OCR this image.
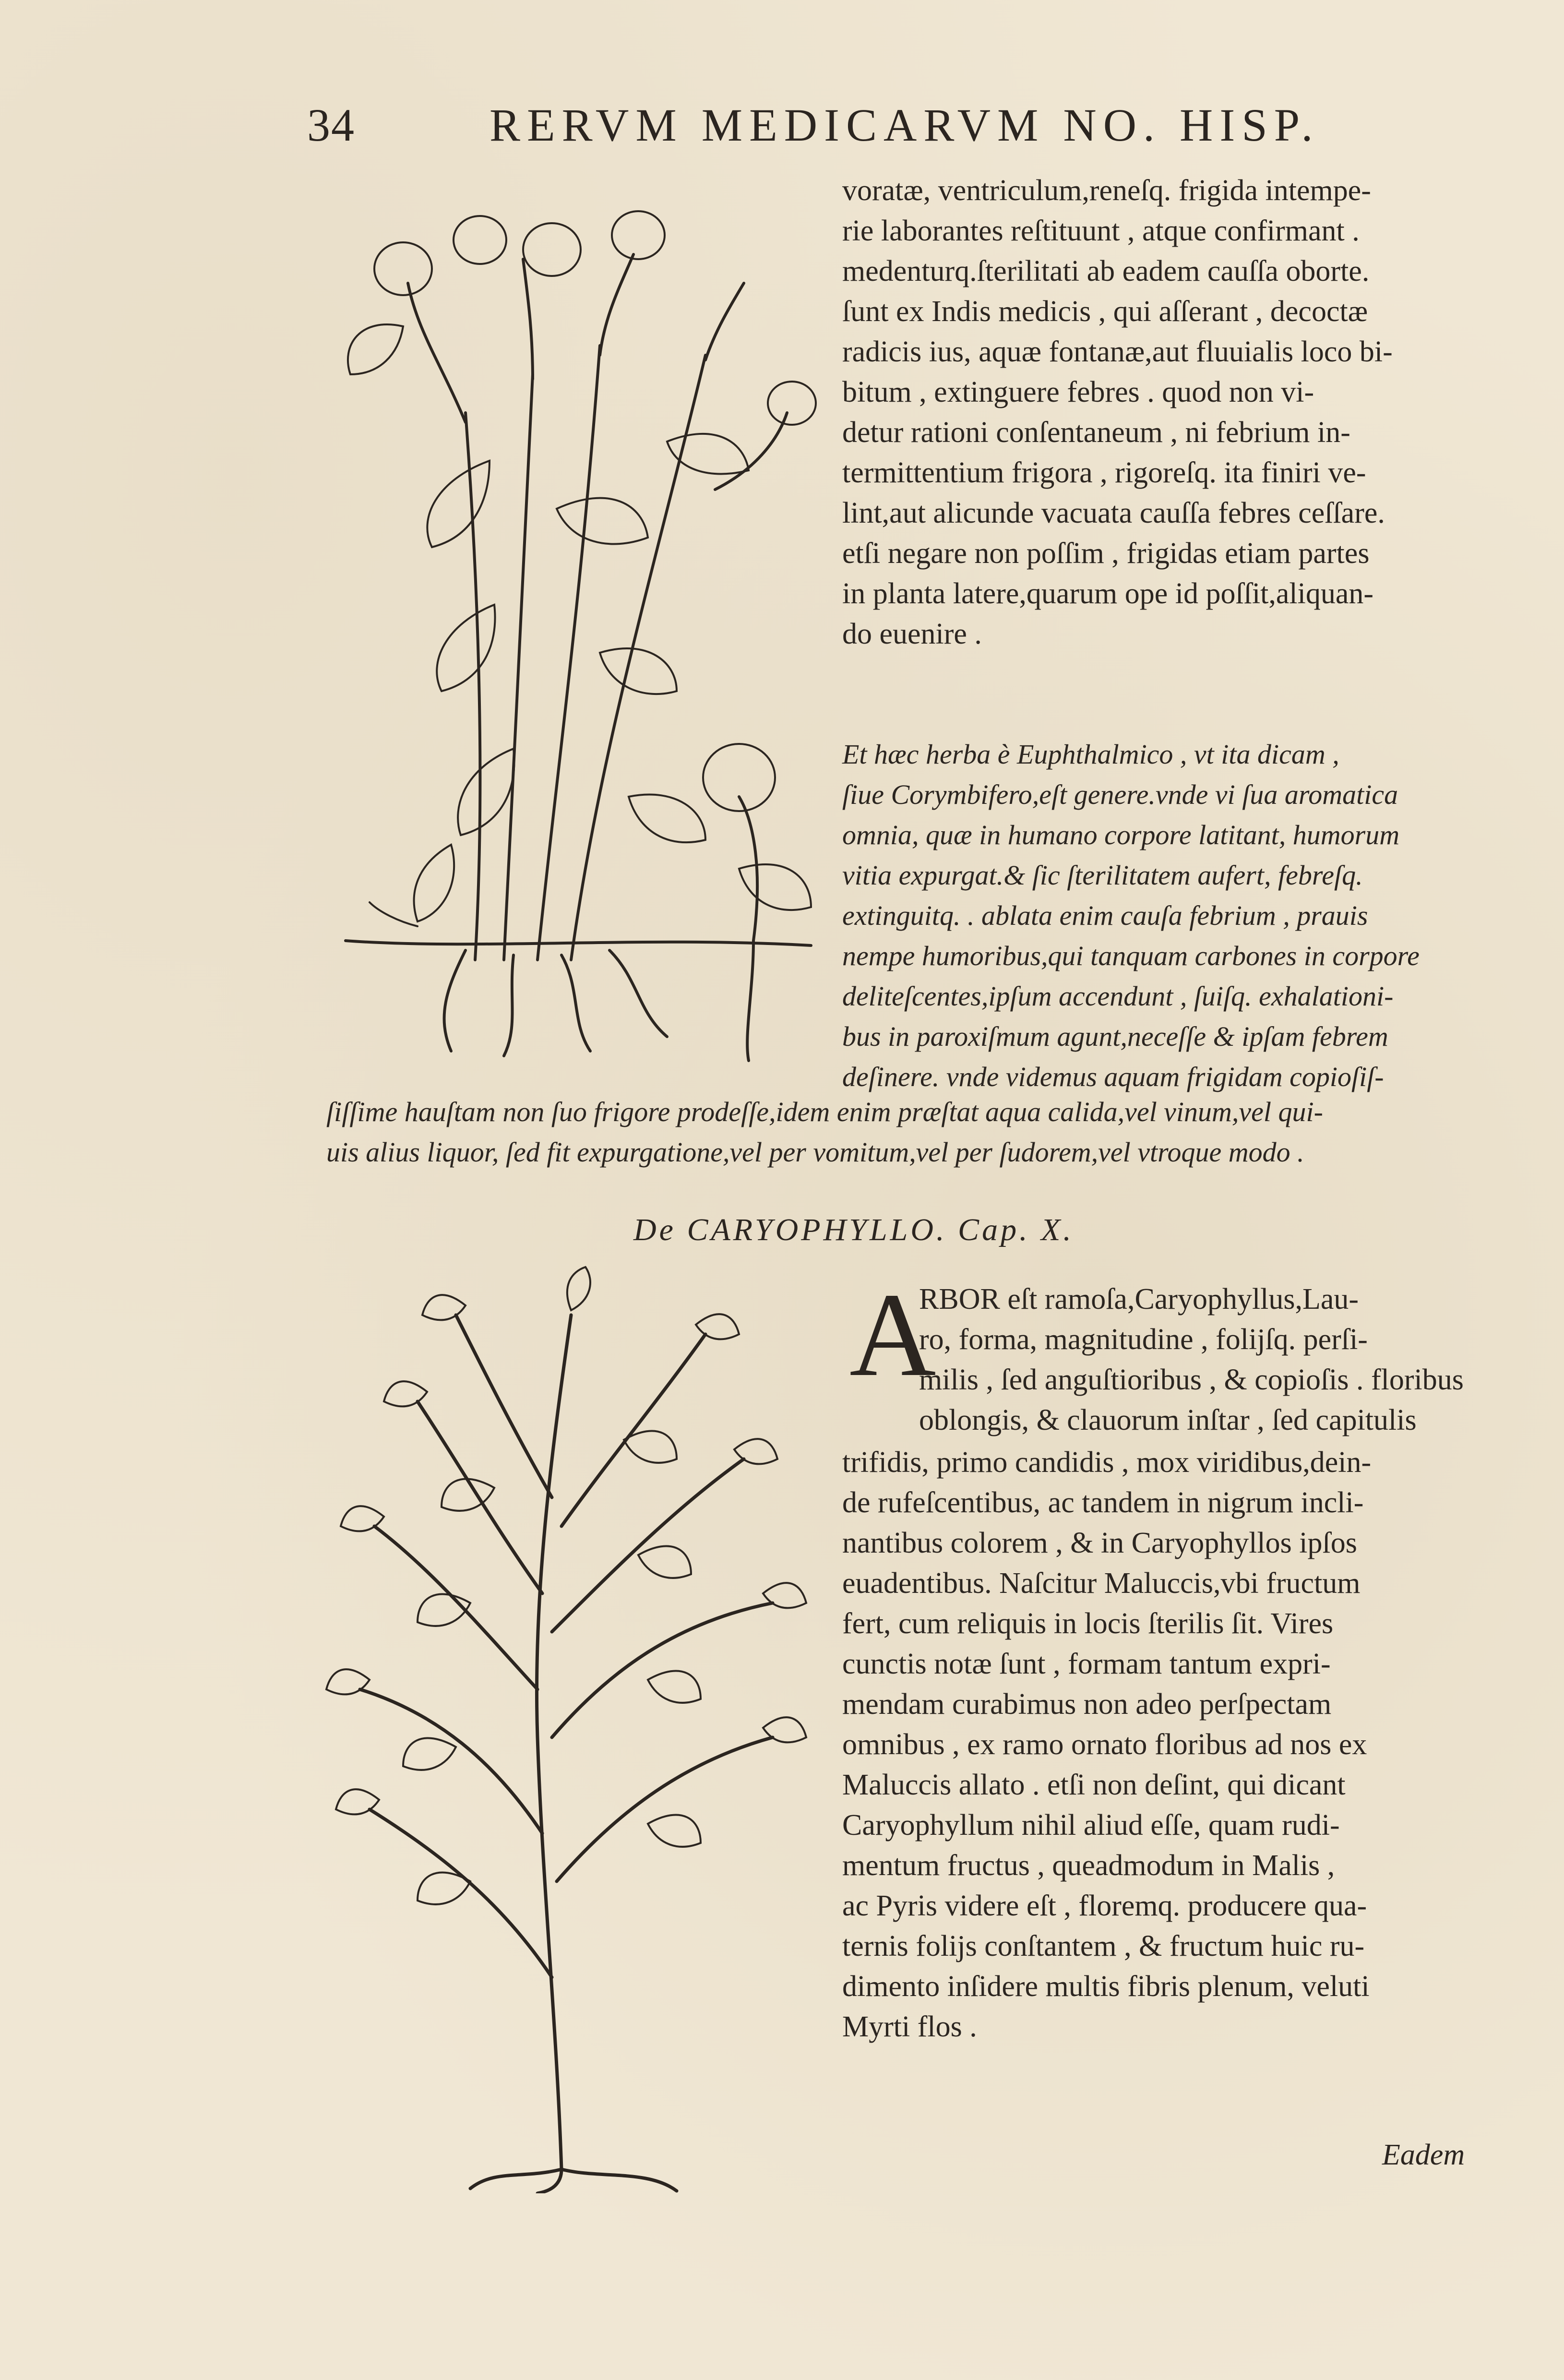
34	RERVM MEDICARVM NO. HISP.
voratæ, ventriculum,reneſq. frigida intempe-
rie laborantes reſtituunt , atque confirmant .
medenturq.ſterilitati ab eadem cauſſa oborte.
ſunt ex Indis medicis , qui aſſerant , decoctæ
radicis ius, aquæ fontanæ,aut fluuialis loco bi-
bitum , extinguere febres . quod non vi-
detur rationi conſentaneum , ni febrium in-
termittentium frigora , rigoreſq. ita finiri ve-
lint,aut alicunde vacuata cauſſa febres ceſſare.
etſi negare non poſſim , frigidas etiam partes
in planta latere,quarum ope id poſſit,aliquan-
do euenire .
Et hæc herba è Euphthalmico , vt ita dicam ,
ſiue Corymbifero,eſt genere.vnde vi ſua aromatica
omnia, quæ in humano corpore latitant, humorum
vitia expurgat.& ſic ſterilitatem aufert, febreſq.
extinguitq. . ablata enim cauſa febrium , prauis
nempe humoribus,qui tanquam carbones in corpore
deliteſcentes,ipſum accendunt , ſuiſq. exhalationi-
bus in paroxiſmum agunt,neceſſe & ipſam febrem
deſinere. vnde videmus aquam frigidam copioſiſ-
ſiſſime hauſtam non ſuo frigore prodeſſe,idem enim præſtat aqua calida,vel vinum,vel qui-
uis alius liquor, ſed fit expurgatione,vel per vomitum,vel per ſudorem,vel vtroque modo .
De CARYOPHYLLO. Cap. X.
A
RBOR eſt ramoſa,Caryophyllus,Lau-
ro, forma, magnitudine , folijſq. perſi-
milis , ſed anguſtioribus , & copioſis . floribus
oblongis, & clauorum inſtar , ſed capitulis
trifidis, primo candidis , mox viridibus,dein-
de rufeſcentibus, ac tandem in nigrum incli-
nantibus colorem , & in Caryophyllos ipſos
euadentibus. Naſcitur Maluccis,vbi fructum
fert, cum reliquis in locis ſterilis ſit. Vires
cunctis notæ ſunt , formam tantum expri-
mendam curabimus non adeo perſpectam
omnibus , ex ramo ornato floribus ad nos ex
Maluccis allato . etſi non deſint, qui dicant
Caryophyllum nihil aliud eſſe, quam rudi-
mentum fructus , queadmodum in Malis ,
ac Pyris videre eſt , floremq. producere qua-
ternis folijs conſtantem , & fructum huic ru-
dimento inſidere multis fibris plenum, veluti
Myrti flos .
Eadem
